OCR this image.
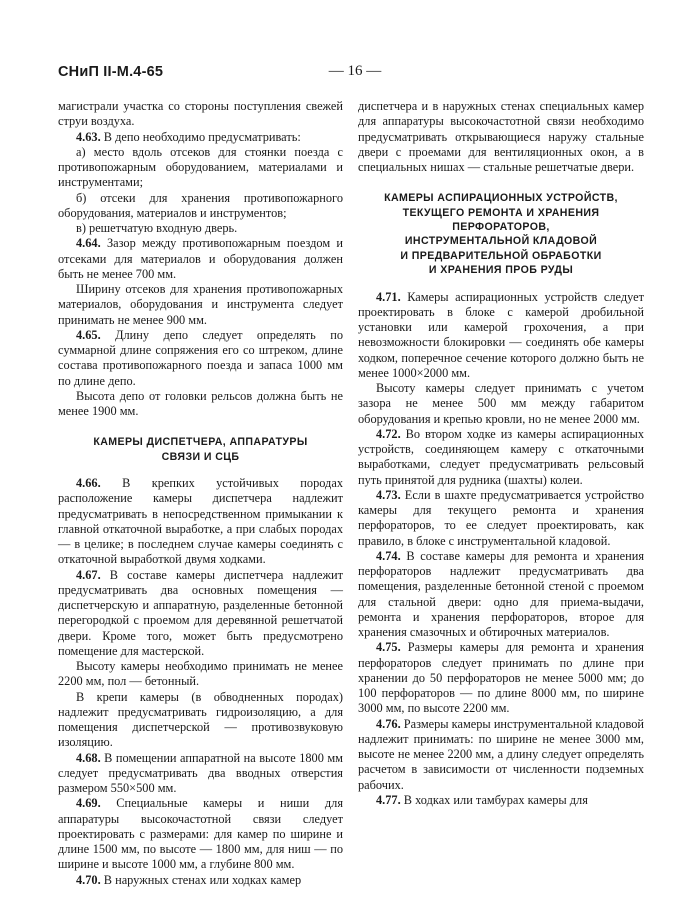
СНиП II-М.4-65	— 16 —

магистрали участка со стороны поступления свежей струи воздуха.

4.63. В депо необходимо предусматривать:

а) место вдоль отсеков для стоянки поезда с противопожарным оборудованием, материалами и инструментами;

б) отсеки для хранения противопожарного оборудования, материалов и инструментов;

в) решетчатую входную дверь.

4.64. Зазор между противопожарным поездом и отсеками для материалов и оборудования должен быть не менее 700 мм.

Ширину отсеков для хранения противопожарных материалов, оборудования и инструмента следует принимать не менее 900 мм.

4.65. Длину депо следует определять по суммарной длине сопряжения его со штреком, длине состава противопожарного поезда и запаса 1000 мм по длине депо.

Высота депо от головки рельсов должна быть не менее 1900 мм.

КАМЕРЫ ДИСПЕТЧЕРА, АППАРАТУРЫ

СВЯЗИ И СЦБ

4.66. В крепких устойчивых породах расположение камеры диспетчера надлежит предусматривать в непосредственном примыкании к главной откаточной выработке, а при слабых породах — в целике; в последнем случае камеры соединять с откаточной выработкой двумя ходками.

4.67. В составе камеры диспетчера надлежит предусматривать два основных помещения — диспетчерскую и аппаратную, разделенные бетонной перегородкой с проемом для деревянной решетчатой двери. Кроме того, может быть предусмотрено помещение для мастерской.

Высоту камеры необходимо принимать не менее 2200 мм, пол — бетонный.

В крепи камеры (в обводненных породах) надлежит предусматривать гидроизоляцию, а для помещения диспетчерской — противозвуковую изоляцию.

4.68. В помещении аппаратной на высоте 1800 мм следует предусматривать два вводных отверстия размером 550×500 мм.

4.69. Специальные камеры и ниши для аппаратуры высокочастотной связи следует проектировать с размерами: для камер по ширине и длине 1500 мм, по высоте — 1800 мм, для ниш — по ширине и высоте 1000 мм, а глубине 800 мм.

4.70. В наружных стенах или ходках камер

диспетчера и в наружных стенах специальных камер для аппаратуры высокочастотной связи необходимо предусматривать открывающиеся наружу стальные двери с проемами для вентиляционных окон, а в специальных нишах — стальные решетчатые двери.

КАМЕРЫ АСПИРАЦИОННЫХ УСТРОЙСТВ,

ТЕКУЩЕГО РЕМОНТА И ХРАНЕНИЯ

ПЕРФОРАТОРОВ,

ИНСТРУМЕНТАЛЬНОЙ КЛАДОВОЙ

И ПРЕДВАРИТЕЛЬНОЙ ОБРАБОТКИ

И ХРАНЕНИЯ ПРОБ РУДЫ

4.71. Камеры аспирационных устройств следует проектировать в блоке с камерой дробильной установки или камерой грохочения, а при невозможности блокировки — соединять обе камеры ходком, поперечное сечение которого должно быть не менее 1000×2000 мм.

Высоту камеры следует принимать с учетом зазора не менее 500 мм между габаритом оборудования и крепью кровли, но не менее 2000 мм.

4.72. Во втором ходке из камеры аспирационных устройств, соединяющем камеру с откаточными выработками, следует предусматривать рельсовый путь принятой для рудника (шахты) колеи.

4.73. Если в шахте предусматривается устройство камеры для текущего ремонта и хранения перфораторов, то ее следует проектировать, как правило, в блоке с инструментальной кладовой.

4.74. В составе камеры для ремонта и хранения перфораторов надлежит предусматривать два помещения, разделенные бетонной стеной с проемом для стальной двери: одно для приема-выдачи, ремонта и хранения перфораторов, второе для хранения смазочных и обтирочных материалов.

4.75. Размеры камеры для ремонта и хранения перфораторов следует принимать по длине при хранении до 50 перфораторов не менее 5000 мм; до 100 перфораторов — по длине 8000 мм, по ширине 3000 мм, по высоте 2200 мм.

4.76. Размеры камеры инструментальной кладовой надлежит принимать: по ширине не менее 3000 мм, высоте не менее 2200 мм, а длину следует определять расчетом в зависимости от численности подземных рабочих.

4.77. В ходках или тамбурах камеры для
